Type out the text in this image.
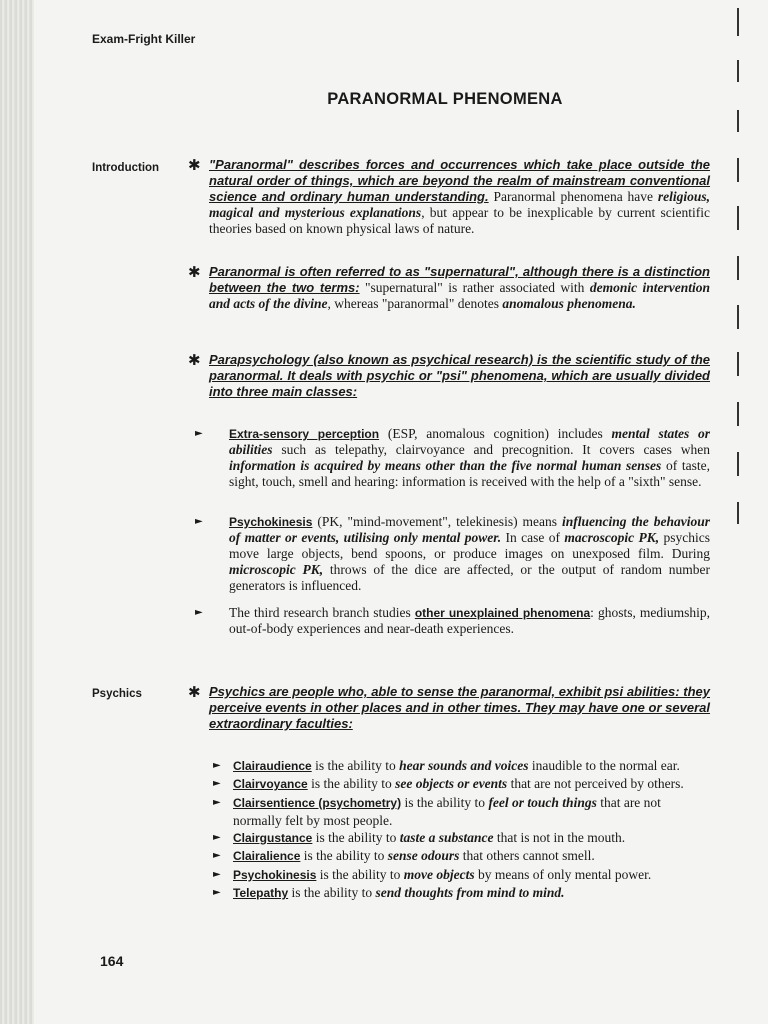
Exam-Fright Killer
PARANORMAL PHENOMENA
Introduction ✱ "Paranormal" describes forces and occurrences which take place outside the natural order of things, which are beyond the realm of mainstream conventional science and ordinary human understanding. Paranormal phenomena have religious, magical and mysterious explanations, but appear to be inexplicable by current scientific theories based on known physical laws of nature.
✱ Paranormal is often referred to as "supernatural", although there is a distinction between the two terms: "supernatural" is rather associated with demonic intervention and acts of the divine, whereas "paranormal" denotes anomalous phenomena.
✱ Parapsychology (also known as psychical research) is the scientific study of the paranormal. It deals with psychic or "psi" phenomena, which are usually divided into three main classes:
► Extra-sensory perception (ESP, anomalous cognition) includes mental states or abilities such as telepathy, clairvoyance and precognition. It covers cases when information is acquired by means other than the five normal human senses of taste, sight, touch, smell and hearing: information is received with the help of a "sixth" sense.
► Psychokinesis (PK, "mind-movement", telekinesis) means influencing the behaviour of matter or events, utilising only mental power. In case of macroscopic PK, psychics move large objects, bend spoons, or produce images on unexposed film. During microscopic PK, throws of the dice are affected, or the output of random number generators is influenced.
► The third research branch studies other unexplained phenomena: ghosts, mediumship, out-of-body experiences and near-death experiences.
Psychics	✱ Psychics are people who, able to sense the paranormal, exhibit psi abilities: they perceive events in other places and in other times. They may have one or several extraordinary faculties:
► Clairaudience is the ability to hear sounds and voices inaudible to the normal ear.
► Clairvoyance is the ability to see objects or events that are not perceived by others.
► Clairsentience (psychometry) is the ability to feel or touch things that are not normally felt by most people.
► Clairgustance is the ability to taste a substance that is not in the mouth.
► Clairalience is the ability to sense odours that others cannot smell.
► Psychokinesis is the ability to move objects by means of only mental power.
► Telepathy is the ability to send thoughts from mind to mind.
164
